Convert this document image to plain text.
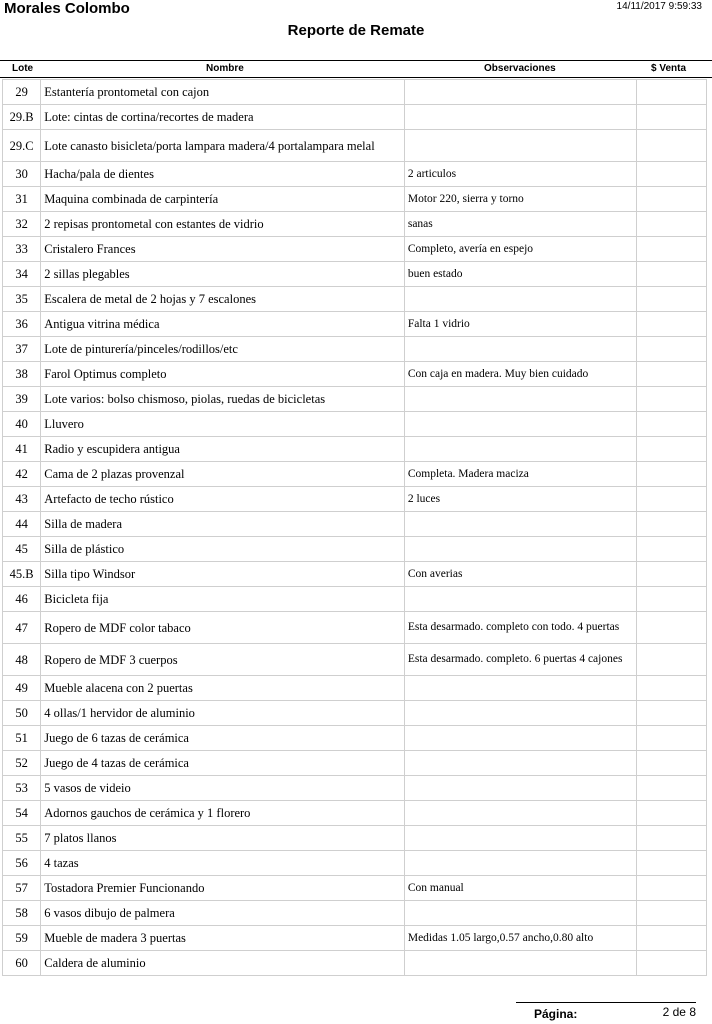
Morales Colombo	14/11/2017 9:59:33
Reporte de Remate
Lote	Nombre	Observaciones	$ Venta
29	Estantería prontometal con cajon		
29.B	Lote: cintas de cortina/recortes de madera		
29.C	Lote canasto bisicleta/porta lampara madera/4 portalampara melal		
30	Hacha/pala de dientes	2 articulos	
31	Maquina combinada de carpintería	Motor 220, sierra y torno	
32	2 repisas prontometal con estantes de vidrio	sanas	
33	Cristalero Frances	Completo, avería en espejo	
34	2 sillas plegables	buen estado	
35	Escalera de metal de 2 hojas y 7 escalones		
36	Antigua vitrina médica	Falta 1 vidrio	
37	Lote de pinturería/pinceles/rodillos/etc		
38	Farol Optimus completo	Con caja en madera. Muy bien cuidado	
39	Lote varios: bolso chismoso, piolas, ruedas de bicicletas		
40	Lluvero		
41	Radio y escupidera antigua		
42	Cama de 2 plazas provenzal	Completa. Madera maciza	
43	Artefacto de techo rústico	2 luces	
44	Silla de madera		
45	Silla de plástico		
45.B	Silla tipo Windsor	Con averias	
46	Bicicleta fija		
47	Ropero de MDF color tabaco	Esta desarmado. completo con todo. 4 puertas	
48	Ropero de MDF 3 cuerpos	Esta desarmado. completo. 6 puertas 4 cajones	
49	Mueble alacena con 2 puertas		
50	4 ollas/1 hervidor de aluminio		
51	Juego de 6 tazas de cerámica		
52	Juego de 4 tazas de cerámica		
53	5 vasos de videio		
54	Adornos gauchos de cerámica y 1 florero		
55	7 platos llanos		
56	4 tazas		
57	Tostadora Premier Funcionando	Con manual	
58	6 vasos dibujo de palmera		
59	Mueble de madera 3 puertas	Medidas 1.05 largo,0.57 ancho,0.80 alto	
60	Caldera de aluminio		
Página:	2 de 8
